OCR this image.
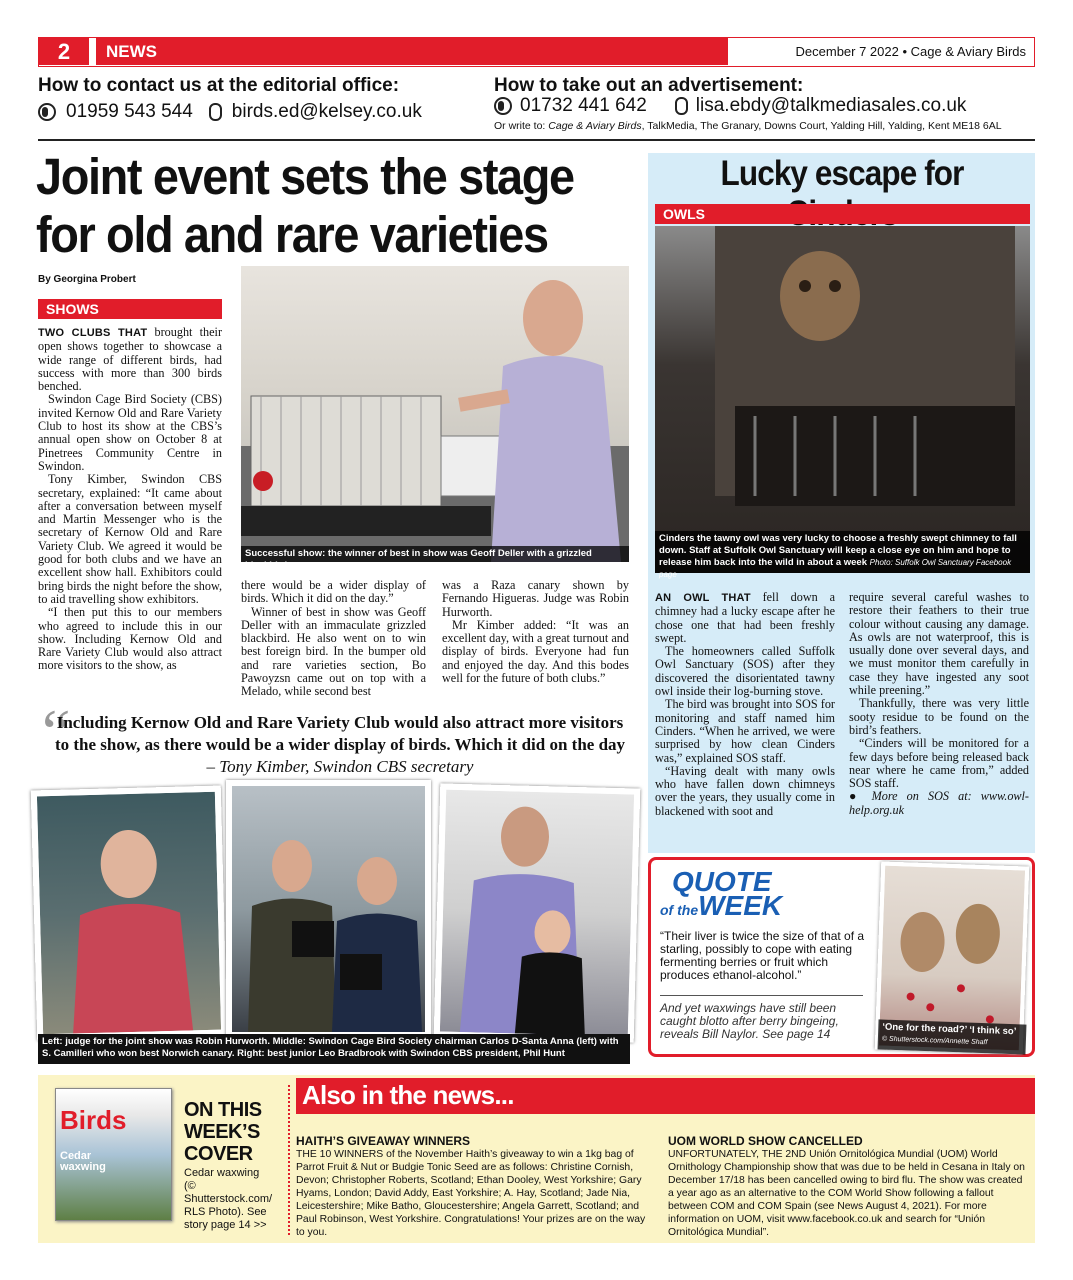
2	NEWS	December 7 2022 • Cage & Aviary Birds
How to contact us at the editorial office:
01959 543 544 birds.ed@kelsey.co.uk
How to take out an advertisement:
01732 441 642	lisa.ebdy@talkmediasales.co.uk
Or write to: Cage & Aviary Birds, TalkMedia, The Granary, Downs Court, Yalding Hill, Yalding, Kent ME18 6AL
Joint event sets the stage
for old and rare varieties
By Georgina Probert
SHOWS
Successful show: the winner of best in show was Geoff Deller with a grizzled blackbird

TWO CLUBS THAT brought their open shows together to showcase a wide range of different birds, had success with more than 300 birds benched.

Swindon Cage Bird Society (CBS) invited Kernow Old and Rare Variety Club to host its show at the CBS’s annual open show on October 8 at Pinetrees Community Centre in Swindon.

Tony Kimber, Swindon CBS secretary, explained: “It came about after a conversation between myself and Martin Messenger who is the secretary of Kernow Old and Rare Variety Club. We agreed it would be good for both clubs and we have an excellent show hall. Exhibitors could bring birds the night before the show, to aid travelling show exhibitors.

“I then put this to our members who agreed to include this in our show. Including Kernow Old and Rare Variety Club would also attract more visitors to the show, as

there would be a wider display of birds. Which it did on the day.”

Winner of best in show was Geoff Deller with an immaculate grizzled blackbird. He also went on to win best foreign bird. In the bumper old and rare varieties section, Bo Pawoyzsn came out on top with a Melado, while second best

was a Raza canary shown by Fernando Higueras. Judge was Robin Hurworth.

Mr Kimber added: “It was an excellent day, with a great turnout and display of birds. Everyone had fun and enjoyed the day. And this bodes well for the future of both clubs.”

“
Including Kernow Old and Rare Variety Club would also attract more visitors to the show, as there would be a wider display of birds. Which it did on the day – Tony Kimber, Swindon CBS secretary
Left: judge for the joint show was Robin Hurworth. Middle: Swindon Cage Bird Society chairman Carlos D-Santa Anna (left) with S. Camilleri who won best Norwich canary. Right: best junior Leo Bradbrook with Swindon CBS president, Phil Hunt
Lucky escape for
OWLS
Cinders the tawny owl was very lucky to choose a freshly swept chimney to fall down. Staff at Suffolk Owl Sanctuary will keep a close eye on him and hope to release him back into the wild in about a week Photo: Suffolk Owl Sanctuary Facebook page

AN OWL THAT fell down a chimney had a lucky escape after he chose one that had been freshly swept.

The homeowners called Suffolk Owl Sanctuary (SOS) after they discovered the disorientated tawny owl inside their log-burning stove.

The bird was brought into SOS for monitoring and staff named him Cinders. “When he arrived, we were surprised by how clean Cinders was,” explained SOS staff.

“Having dealt with many owls who have fallen down chimneys over the years, they usually come in blackened with soot and

require several careful washes to restore their feathers to their true colour without causing any damage. As owls are not waterproof, this is usually done over several days, and we must monitor them carefully in case they have ingested any soot while preening.”

Thankfully, there was very little sooty residue to be found on the bird’s feathers.

“Cinders will be monitored for a few days before being released back near where he came from,” added SOS staff.

● More on SOS at: www.owl-help.org.uk

QUOTE
of theWEEK
“Their liver is twice the size of that of a starling, possibly to cope with eating fermenting berries or fruit which produces ethanol-alcohol.”
And yet waxwings have still been caught blotto after berry bingeing, reveals Bill Naylor. See page 14	‘One for the road?’ ‘I think so’
© Shutterstock.com/Annette Shaff
Birds
Cedar
waxwing
ON THIS
WEEK’S
COVER
Cedar waxwing (© Shutterstock.com/ RLS Photo). See story page 14 >>
Also in the news...
HAITH’S GIVEAWAY WINNERS
THE 10 WINNERS of the November Haith’s giveaway to win a 1kg bag of Parrot Fruit & Nut or Budgie Tonic Seed are as follows: Christine Cornish, Devon; Christopher Roberts, Scotland; Ethan Dooley, West Yorkshire; Gary Hyams, London; David Addy, East Yorkshire; A. Hay, Scotland; Jade Nia, Leicestershire; Mike Batho, Gloucestershire; Angela Garrett, Scotland; and Paul Robinson, West Yorkshire. Congratulations! Your prizes are on the way to you.
UOM WORLD SHOW CANCELLED
UNFORTUNATELY, THE 2ND Unión Ornitológica Mundial (UOM) World Ornithology Championship show that was due to be held in Cesana in Italy on December 17/18 has been cancelled owing to bird flu. The show was created a year ago as an alternative to the COM World Show following a fallout between COM and COM Spain (see News August 4, 2021). For more information on UOM, visit www.facebook.co.uk and search for “Unión Ornitológica Mundial”.
